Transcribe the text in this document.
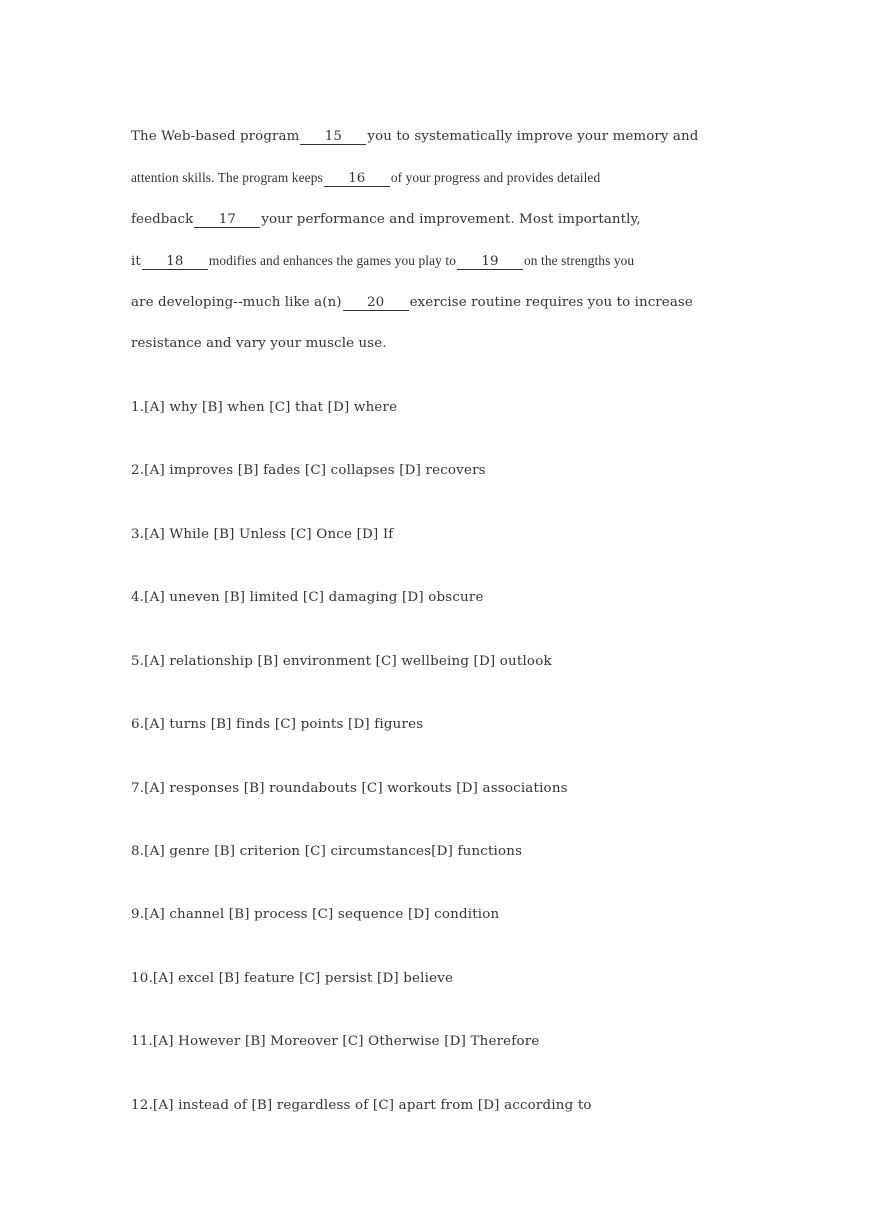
The Web-based program 15 you to systematically improve your memory and
attention skills. The program keeps 16 of your progress and provides detailed
feedback 17 your performance and improvement. Most importantly,
it 18 modifies and enhances the games you play to 19 on the strengths you
are developing--much like a(n) 20 exercise routine requires you to increase
resistance and vary your muscle use.
1.[A] why [B] when [C] that [D] where
2.[A] improves [B] fades [C] collapses [D] recovers
3.[A] While [B] Unless [C] Once [D] If
4.[A] uneven [B] limited [C] damaging [D] obscure
5.[A] relationship [B] environment [C] wellbeing [D] outlook
6.[A] turns [B] finds [C] points [D] figures
7.[A] responses [B] roundabouts [C] workouts [D] associations
8.[A] genre [B] criterion [C] circumstances[D] functions
9.[A] channel [B] process [C] sequence [D] condition
10.[A] excel [B] feature [C] persist [D] believe
11.[A] However [B] Moreover [C] Otherwise [D] Therefore
12.[A] instead of [B] regardless of [C] apart from [D] according to
